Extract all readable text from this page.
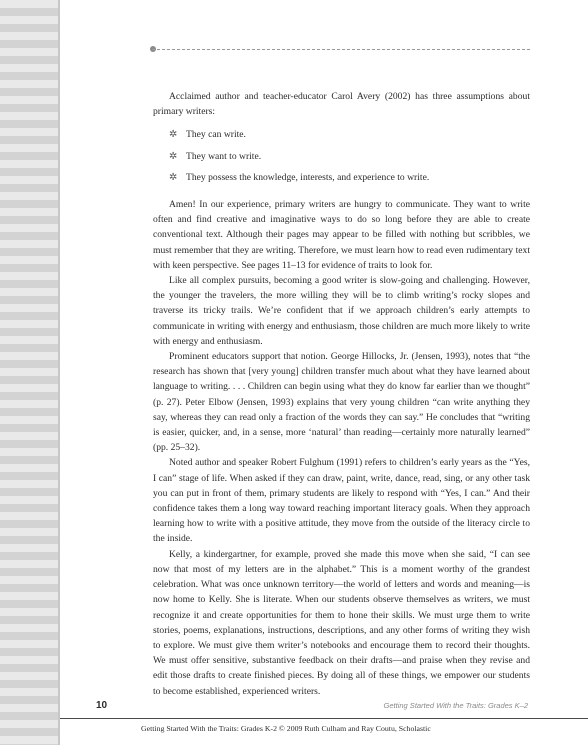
Acclaimed author and teacher-educator Carol Avery (2002) has three assumptions about primary writers:

✲ They can write.
✲ They want to write.
✲ They possess the knowledge, interests, and experience to write.

Amen! In our experience, primary writers are hungry to communicate. They want to write often and find creative and imaginative ways to do so long before they are able to create conventional text. Although their pages may appear to be filled with nothing but scribbles, we must remember that they are writing. Therefore, we must learn how to read even rudimentary text with keen perspective. See pages 11–13 for evidence of traits to look for.

Like all complex pursuits, becoming a good writer is slow-going and challenging. However, the younger the travelers, the more willing they will be to climb writing’s rocky slopes and traverse its tricky trails. We’re confident that if we approach children’s early attempts to communicate in writing with energy and enthusiasm, those children are much more likely to write with energy and enthusiasm.

Prominent educators support that notion. George Hillocks, Jr. (Jensen, 1993), notes that “the research has shown that [very young] children transfer much about what they have learned about language to writing. . . . Children can begin using what they do know far earlier than we thought” (p. 27). Peter Elbow (Jensen, 1993) explains that very young children “can write anything they say, whereas they can read only a fraction of the words they can say.” He concludes that “writing is easier, quicker, and, in a sense, more ‘natural’ than reading—certainly more naturally learned” (pp. 25–32).

Noted author and speaker Robert Fulghum (1991) refers to children’s early years as the “Yes, I can” stage of life. When asked if they can draw, paint, write, dance, read, sing, or any other task you can put in front of them, primary students are likely to respond with “Yes, I can.” And their confidence takes them a long way toward reaching important literacy goals. When they approach learning how to write with a positive attitude, they move from the outside of the literacy circle to the inside.

Kelly, a kindergartner, for example, proved she made this move when she said, “I can see now that most of my letters are in the alphabet.” This is a moment worthy of the grandest celebration. What was once unknown territory—the world of letters and words and meaning—is now home to Kelly. She is literate. When our students observe themselves as writers, we must recognize it and create opportunities for them to hone their skills. We must urge them to write stories, poems, explanations, instructions, descriptions, and any other forms of writing they wish to explore. We must give them writer’s notebooks and encourage them to record their thoughts. We must offer sensitive, substantive feedback on their drafts—and praise when they revise and edit those drafts to create finished pieces. By doing all of these things, we empower our students to become established, experienced writers.

10	Getting Started With the Traits: Grades K–2
Getting Started With the Traits: Grades K-2 © 2009 Ruth Culham and Ray Coutu, Scholastic
